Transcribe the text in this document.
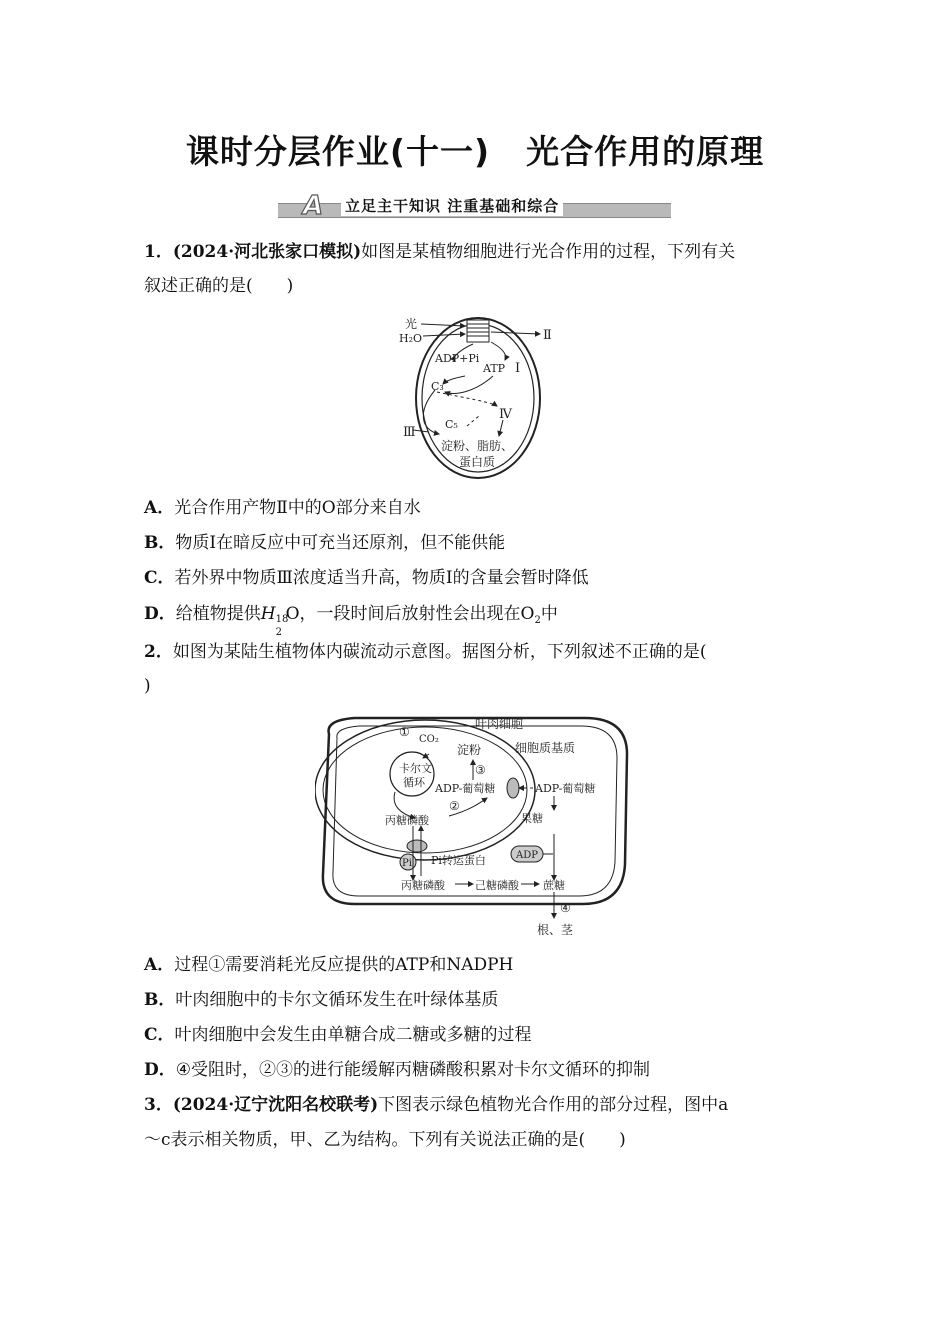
课时分层作业(十一) 光合作用的原理
A 立足主干知识 注重基础和综合
1．(2024·河北张家口模拟)如图是某植物细胞进行光合作用的过程，下列有关
叙述正确的是(　　)
光
H₂O
ADP+Pi
ATP Ⅰ
Ⅱ
C₃
C₅
Ⅳ
Ⅲ
淀粉、脂肪、
蛋白质
A．光合作用产物Ⅱ中的O部分来自水
B．物质Ⅰ在暗反应中可充当还原剂，但不能供能
C．若外界中物质Ⅲ浓度适当升高，物质Ⅰ的含量会暂时降低
D．给植物提供H 18
2
O，一段时间后放射性会出现在$O_2$中
2．如图为某陆生植物体内碳流动示意图。据图分析，下列叙述不正确的是(
)
叶肉细胞
细胞质基质
①
CO₂
卡尔文
循环
淀粉
③
ADP-葡萄糖
②
ADP-葡萄糖
丙糖磷酸	果糖
ADP
Pi Pi转运蛋白
丙糖磷酸	己糖磷酸 蔗糖
④
根、茎
A．过程①需要消耗光反应提供的ATP和NADPH
B．叶肉细胞中的卡尔文循环发生在叶绿体基质
C．叶肉细胞中会发生由单糖合成二糖或多糖的过程
D．④受阻时，②③的进行能缓解丙糖磷酸积累对卡尔文循环的抑制
3．(2024·辽宁沈阳名校联考)下图表示绿色植物光合作用的部分过程，图中a
～c表示相关物质，甲、乙为结构。下列有关说法正确的是(　　)
